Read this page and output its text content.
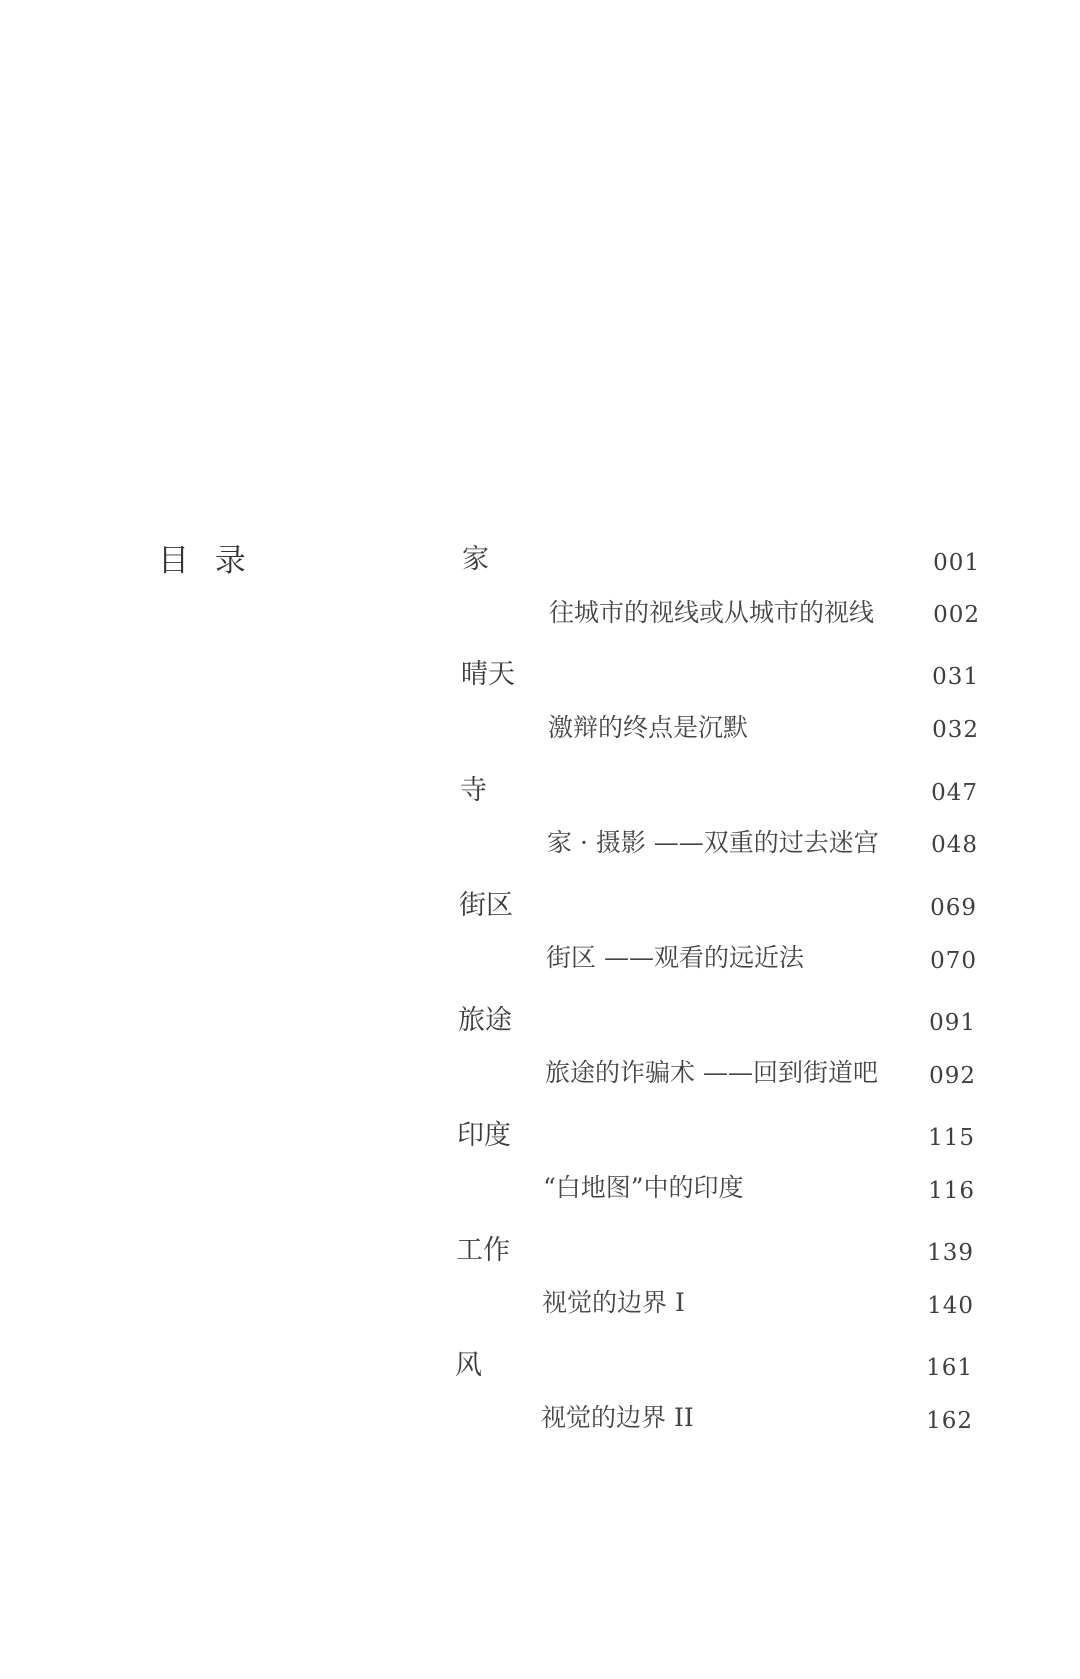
目 录	家	001
往城市的视线或从城市的视线	002
晴天	031
激辩的终点是沉默	032
寺	047
家 · 摄影 ——双重的过去迷宫	048
街区	069
街区 ——观看的远近法	070
旅途	091
旅途的诈骗术 ——回到街道吧	092
印度	115
“白地图”中的印度	116
工作	139
视觉的边界 I	140
风	161
视觉的边界 II	162
